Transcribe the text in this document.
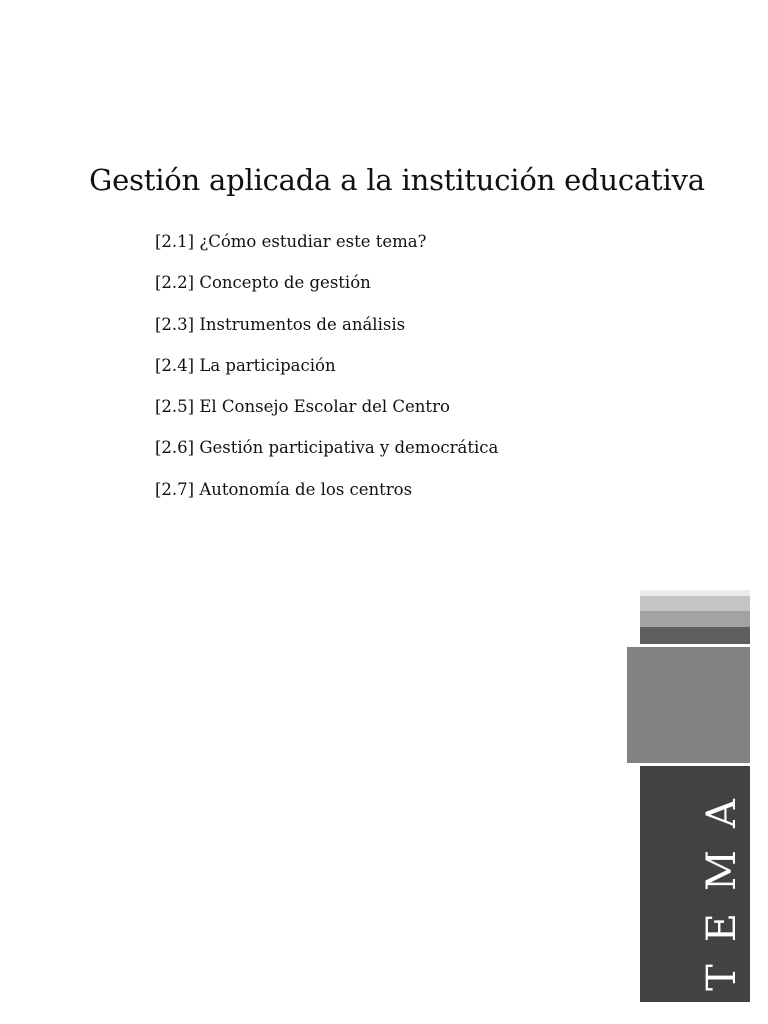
Gestión aplicada a la institución educativa
[2.1] ¿Cómo estudiar este tema?
[2.2] Concepto de gestión
[2.3] Instrumentos de análisis
[2.4] La participación
[2.5] El Consejo Escolar del Centro
[2.6] Gestión participativa y democrática
[2.7] Autonomía de los centros
TEMA
